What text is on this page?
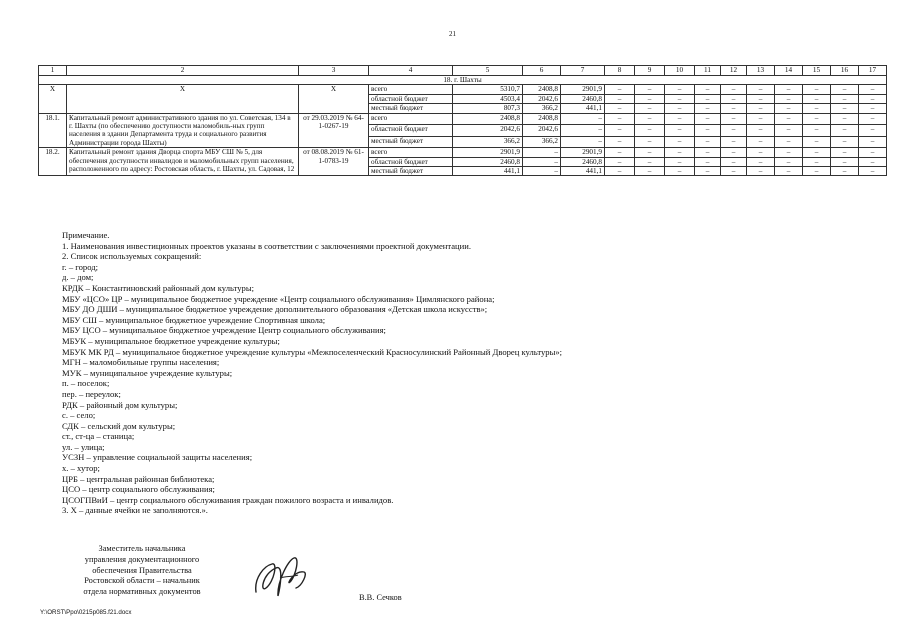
21
1	2	3	4	5	6	7	8	9	10	11	12	13	14	15	16	17
18. г. Шахты																
Х	Х	Х	всего	5310,7	2408,8	2901,9	–	–	–	–	–	–	–	–	–	–
			областной бюджет	4503,4	2042,6	2460,8	–	–	–	–	–	–	–	–	–	–
			местный бюджет	807,3	366,2	441,1	–	–	–	–	–	–	–	–	–	–
18.1.	Капитальный ремонт административного здания по ул. Советская, 134 в г. Шахты (по обеспечению доступности маломобиль-ных групп населения в здании Департамента труда и социального развития Администрации города Шахты)	от 29.03.2019 № 64-1-0267-19	всего	2408,8	2408,8	–	–	–	–	–	–	–	–	–	–	–
			областной бюджет	2042,6	2042,6	–	–	–	–	–	–	–	–	–	–	–
			местный бюджет	366,2	366,2	–	–	–	–	–	–	–	–	–	–	–
18.2.	Капитальный ремонт здания Дворца спорта МБУ СШ № 5, для обеспечения доступности инвалидов и маломобильных групп населения, расположенного по адресу: Ростовская область, г. Шахты, ул. Садовая, 12	от 08.08.2019 № 61-1-0783-19	всего	2901,9	–	2901,9	–	–	–	–	–	–	–	–	–	–
			областной бюджет	2460,8	–	2460,8	–	–	–	–	–	–	–	–	–	–
			местный бюджет	441,1	–	441,1	–	–	–	–	–	–	–	–	–	–
Примечание.
1. Наименования инвестиционных проектов указаны в соответствии с заключениями проектной документации.
2. Список используемых сокращений:
г. – город;
д. – дом;
КРДК – Константиновский районный дом культуры;
МБУ «ЦСО» ЦР – муниципальное бюджетное учреждение «Центр социального обслуживания» Цимлянского района;
МБУ ДО ДШИ – муниципальное бюджетное учреждение дополнительного образования «Детская школа искусств»;
МБУ СШ – муниципальное бюджетное учреждение Спортивная школа;
МБУ ЦСО – муниципальное бюджетное учреждение Центр социального обслуживания;
МБУК – муниципальное бюджетное учреждение культуры;
МБУК МК РД – муниципальное бюджетное учреждение культуры «Межпоселенческий Красносулинский Районный Дворец культуры»;
МГН – маломобильные группы населения;
МУК – муниципальное учреждение культуры;
п. – поселок;
пер. – переулок;
РДК – районный дом культуры;
с. – село;
СДК – сельский дом культуры;
ст., ст-ца – станица;
ул. – улица;
УСЗН – управление социальной защиты населения;
х. – хутор;
ЦРБ – центральная районная библиотека;
ЦСО – центр социального обслуживания;
ЦСОГПВиИ – центр социального обслуживания граждан пожилого возраста и инвалидов.
3. Х – данные ячейки не заполняются.».
Заместитель начальника
управления документационного
обеспечения Правительства
Ростовской области – начальник
отдела нормативных документов
В.В. Сечков
Y:\ORST\Ppo\0215p085.f21.docx
